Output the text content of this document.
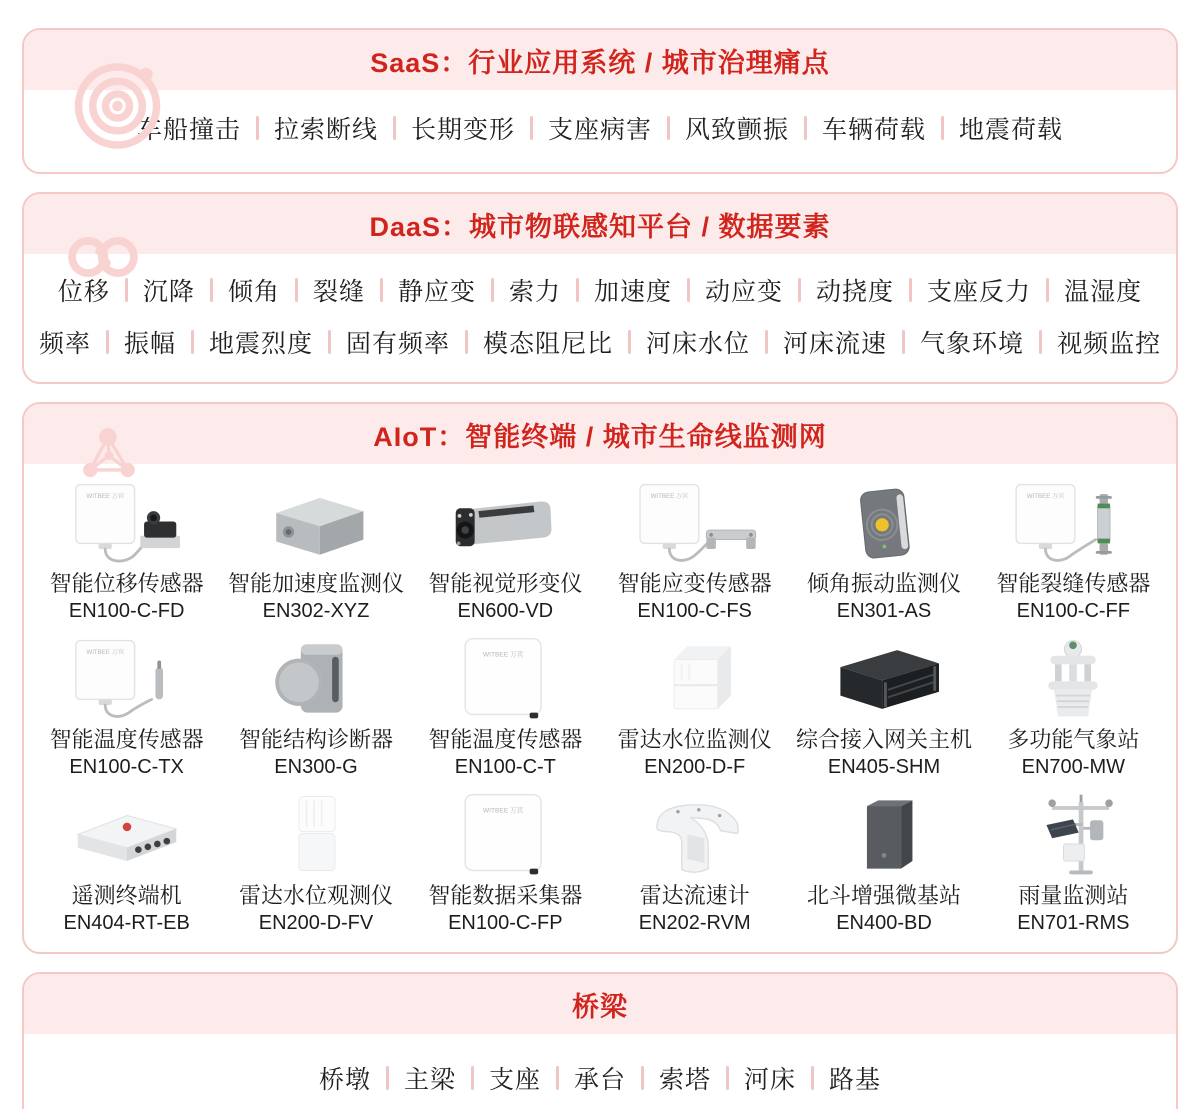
SaaS：行业应用系统 / 城市治理痛点
车船撞击	拉索断线	长期变形	支座病害	风致颤振	车辆荷载	地震荷载
DaaS：城市物联感知平台 / 数据要素
位移	沉降	倾角	裂缝	静应变	索力	加速度	动应变	动挠度	支座反力	温湿度
频率	振幅	地震烈度	固有频率	模态阻尼比	河床水位	河床流速	气象环境	视频监控
AIoT：智能终端 / 城市生命线监测网
WITBEE 万宾
智能位移传感器
EN100-C-FD
智能加速度监测仪
EN302-XYZ
智能视觉形变仪
EN600-VD
WITBEE 万宾
智能应变传感器
EN100-C-FS
倾角振动监测仪
EN301-AS
WITBEE 万宾
智能裂缝传感器
EN100-C-FF
WITBEE 万宾
智能温度传感器
EN100-C-TX
智能结构诊断器
EN300-G
WITBEE 万宾
智能温度传感器
EN100-C-T
雷达水位监测仪
EN200-D-F
综合接入网关主机
EN405-SHM
多功能气象站
EN700-MW
遥测终端机
EN404-RT-EB
雷达水位观测仪
EN200-D-FV
WITBEE 万宾
智能数据采集器
EN100-C-FP
雷达流速计
EN202-RVM
北斗增强微基站
EN400-BD
雨量监测站
EN701-RMS
桥梁
桥墩	主梁	支座	承台	索塔	河床	路基
